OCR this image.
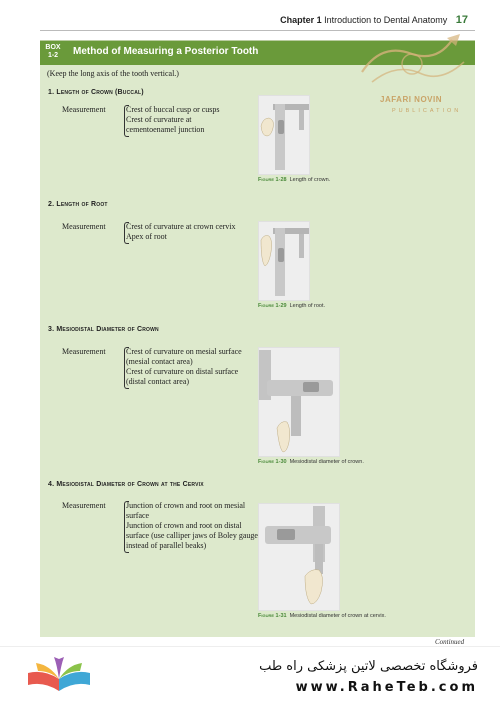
Chapter 1 Introduction to Dental Anatomy 17
BOX
1-2	Method of Measuring a Posterior Tooth
(Keep the long axis of the tooth vertical.)
1. Length of Crown (Buccal)
Measurement	Crest of buccal cusp or cusps
Crest of curvature at
cementoenamel junction
Figure 1-28 Length of crown.
2. Length of Root
Measurement	Crest of curvature at crown cervix
Apex of root
Figure 1-29 Length of root.
3. Mesiodistal Diameter of Crown
Measurement	Crest of curvature on mesial surface
(mesial contact area)
Crest of curvature on distal surface
(distal contact area)
Figure 1-30 Mesiodistal diameter of crown.
4. Mesiodistal Diameter of Crown at the Cervix
Measurement	Junction of crown and root on mesial
surface
Junction of crown and root on distal
surface (use calliper jaws of Boley gauge
instead of parallel beaks)
Figure 1-31 Mesiodistal diameter of crown at cervix.
Continued
JAFARI NOVIN
PUBLICATION
فروشگاه تخصصی لاتین پزشکی راه طب
www.RaheTeb.com
